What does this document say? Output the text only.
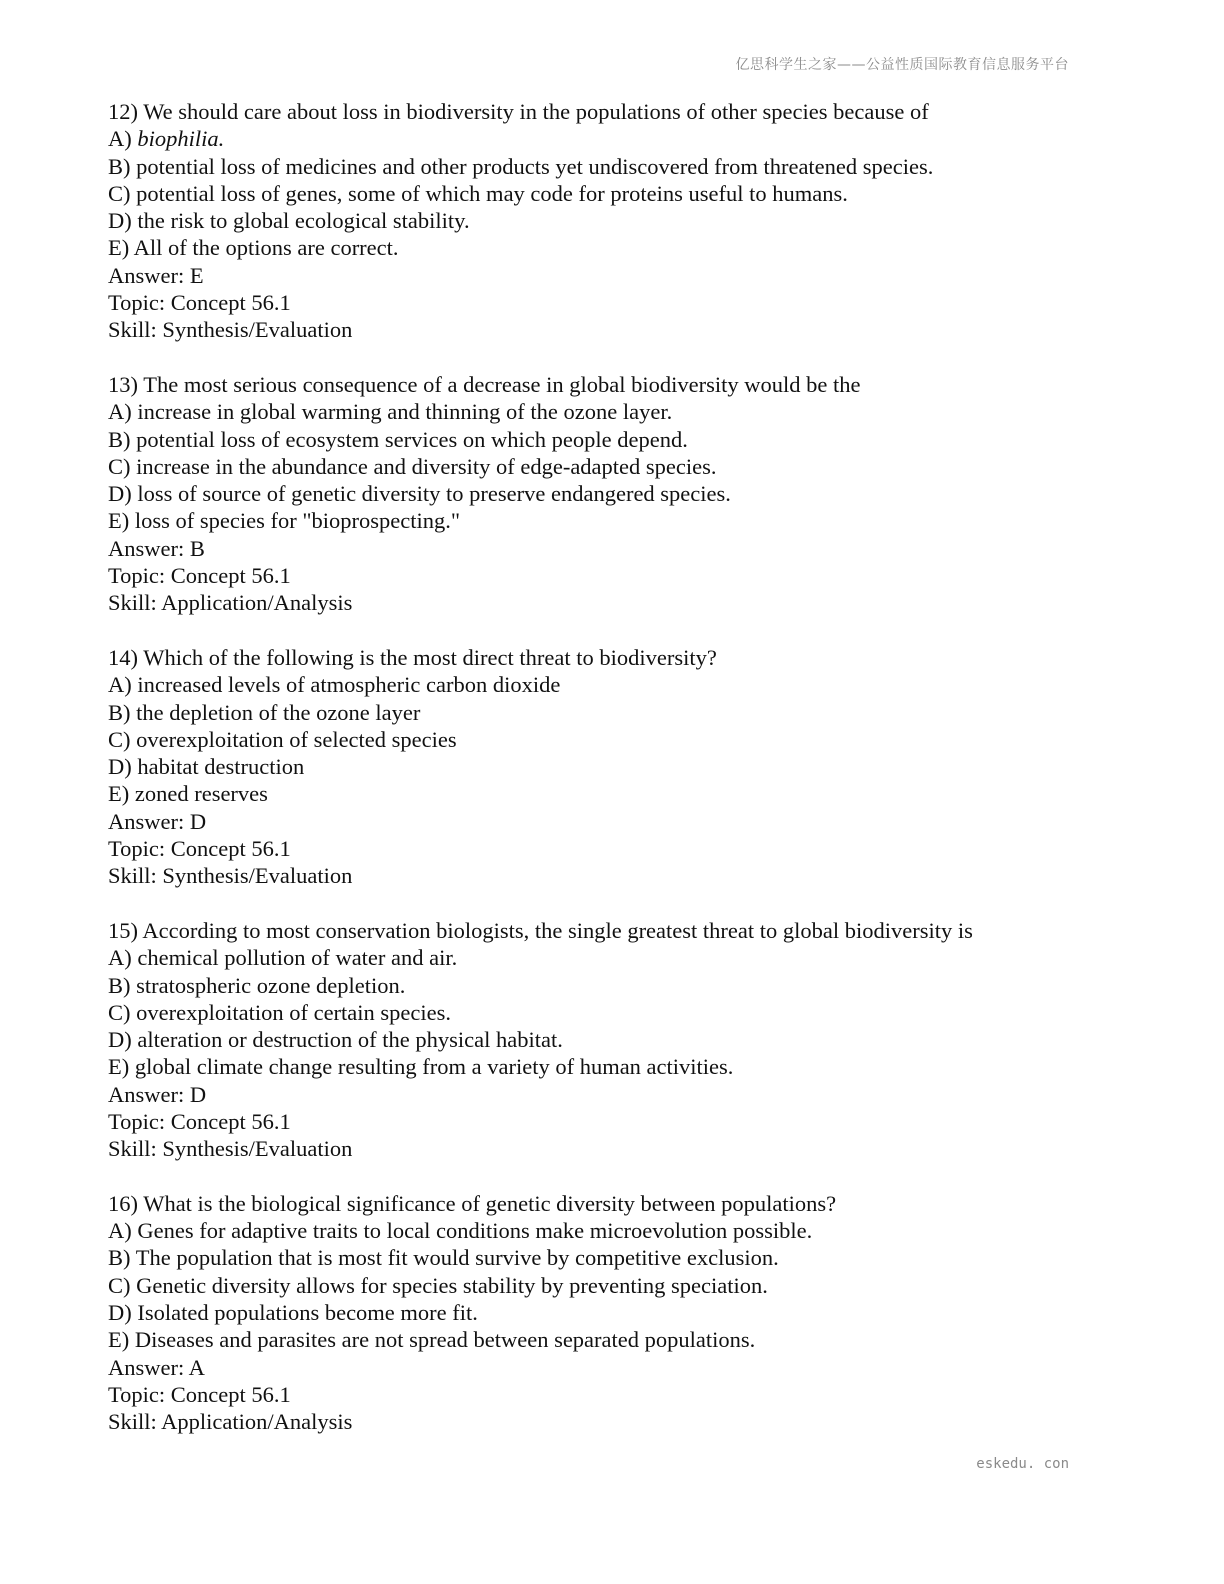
亿思科学生之家——公益性质国际教育信息服务平台
12) We should care about loss in biodiversity in the populations of other species because of
A) biophilia.
B) potential loss of medicines and other products yet undiscovered from threatened species.
C) potential loss of genes, some of which may code for proteins useful to humans.
D) the risk to global ecological stability.
E) All of the options are correct.
Answer: E
Topic: Concept 56.1
Skill: Synthesis/Evaluation
13) The most serious consequence of a decrease in global biodiversity would be the
A) increase in global warming and thinning of the ozone layer.
B) potential loss of ecosystem services on which people depend.
C) increase in the abundance and diversity of edge-adapted species.
D) loss of source of genetic diversity to preserve endangered species.
E) loss of species for "bioprospecting."
Answer: B
Topic: Concept 56.1
Skill: Application/Analysis
14) Which of the following is the most direct threat to biodiversity?
A) increased levels of atmospheric carbon dioxide
B) the depletion of the ozone layer
C) overexploitation of selected species
D) habitat destruction
E) zoned reserves
Answer: D
Topic: Concept 56.1
Skill: Synthesis/Evaluation
15) According to most conservation biologists, the single greatest threat to global biodiversity is
A) chemical pollution of water and air.
B) stratospheric ozone depletion.
C) overexploitation of certain species.
D) alteration or destruction of the physical habitat.
E) global climate change resulting from a variety of human activities.
Answer: D
Topic: Concept 56.1
Skill: Synthesis/Evaluation
16) What is the biological significance of genetic diversity between populations?
A) Genes for adaptive traits to local conditions make microevolution possible.
B) The population that is most fit would survive by competitive exclusion.
C) Genetic diversity allows for species stability by preventing speciation.
D) Isolated populations become more fit.
E) Diseases and parasites are not spread between separated populations.
Answer: A
Topic: Concept 56.1
Skill: Application/Analysis
eskedu. con
